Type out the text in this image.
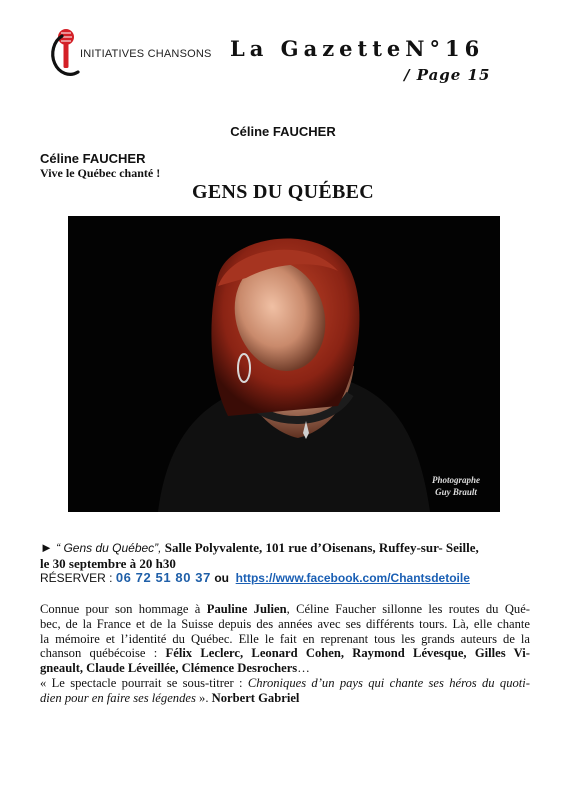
INITIATIVES CHANSONS La GazetteN°16
/ Page 15
Céline FAUCHER
Céline FAUCHER
Vive le Québec chanté !
GENS DU QUÉBEC
Photographe
Guy Brault
► “ Gens du Québec”, Salle Polyvalente, 101 rue d’Oisenans, Ruffey-sur- Seille,
le 30 septembre à 20 h30
RÉSERVER : 06 72 51 80 37 ou https://www.facebook.com/Chantsdetoile
Connue pour son hommage à Pauline Julien, Céline Faucher sillonne les routes du Qué-
bec, de la France et de la Suisse depuis des années avec ses différents tours. Là, elle chante
la mémoire et l’identité du Québec. Elle le fait en reprenant tous les grands auteurs de la
chanson québécoise : Félix Leclerc, Leonard Cohen, Raymond Lévesque, Gilles Vi-
gneault, Claude Léveillée, Clémence Desrochers…
« Le spectacle pourrait se sous-titrer : Chroniques d’un pays qui chante ses héros du quoti-
dien pour en faire ses légendes ». Norbert Gabriel
